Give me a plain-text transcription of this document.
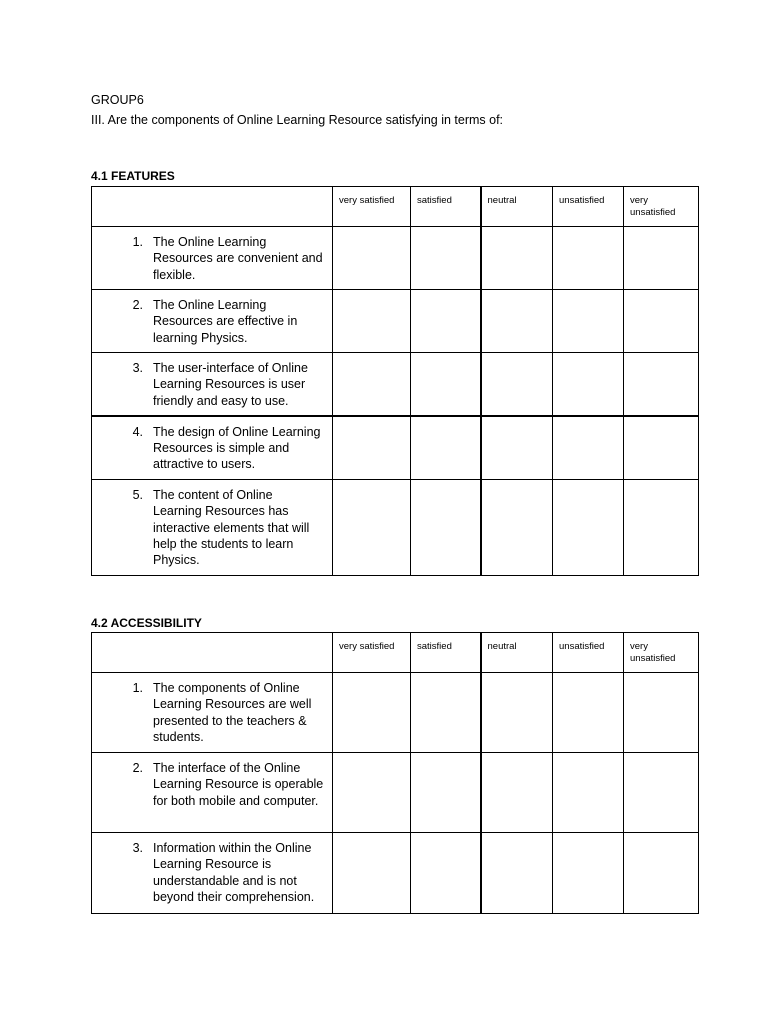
GROUP6
III. Are the components of Online Learning Resource satisfying in terms of:
4.1 FEATURES
	very satisfied	satisfied	neutral	unsatisfied	very unsatisfied

1. The Online Learning Resources are convenient and flexible.					

2. The Online Learning Resources are effective in learning Physics.					

3. The user-interface of Online Learning Resources is user friendly and easy to use.					

4. The design of Online Learning Resources is simple and attractive to users.					

5. The content of Online Learning Resources has interactive elements that will help the students to learn Physics.					

4.2 ACCESSIBILITY
	very satisfied	satisfied	neutral	unsatisfied	very unsatisfied

1. The components of Online Learning Resources are well presented to the teachers & students.					

2. The interface of the Online Learning Resource is operable for both mobile and computer.					

3. Information within the Online Learning Resource is understandable and is not beyond their comprehension.					
